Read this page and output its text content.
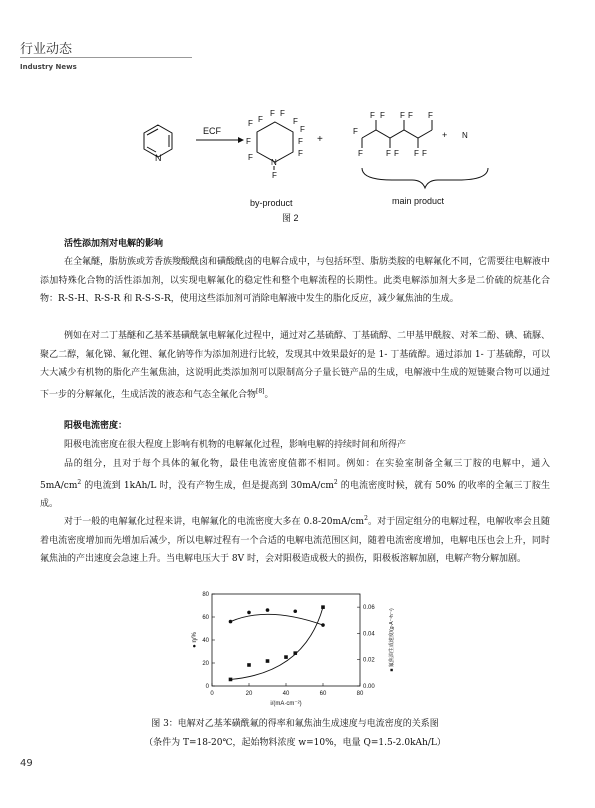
行业动态
Industry News
N
ECF
F F
F F	F
F
F
F
F
F
F
N
+
F
F
F F
F F
F F
F F
F
N
+
by-product	main product
图 2
活性添加剂对电解的影响
在全氟醚，脂肪族或芳香族羧酸酰卤和磺酸酰卤的电解合成中，与包括环型、脂肪类胺的电解氟化不同，它需要往电解液中添加特殊化合物的活性添加剂，以实现电解氟化的稳定性和整个电解流程的长期性。此类电解添加剂大多是二价硫的烷基化合物：R-S-H、R-S-R 和 R-S-S-R，使用这些添加剂可消除电解液中发生的脂化反应，减少氟焦油的生成。
例如在对二丁基醚和乙基苯基磺酰氯电解氟化过程中，通过对乙基硫醇、丁基硫醇、二甲基甲酰胺、对苯二酚、碘、硫脲、聚乙二醇，氟化锑、氟化锂、氟化钠等作为添加剂进行比较，发现其中效果最好的是 1- 丁基硫醇。通过添加 1- 丁基硫醇，可以大大减少有机物的脂化产生氟焦油，这说明此类添加剂可以限制高分子量长链产品的生成，电解液中生成的短链聚合物可以通过下一步的分解氟化，生成活泼的液态和气态全氟化合物[8]。
阳极电流密度：
阳极电流密度在很大程度上影响有机物的电解氟化过程，影响电解的持续时间和所得产
品的组分，且对于每个具体的氟化物，最佳电流密度值都不相同。例如：在实验室制备全氟三丁胺的电解中，通入 $5mA/cm^2$ 的电流到 1kAh/L 时，没有产物生成，但是提高到 $30mA/cm^2$ 的电流密度时候，就有 50% 的收率的全氟三丁胺生成。
对于一般的电解氟化过程来讲，电解氟化的电流密度大多在 $0.8-20mA/cm^2$。对于固定组分的电解过程，电解收率会且随着电流密度增加而先增加后减少，所以电解过程有一个合适的电解电流范围区间，随着电流密度增加，电解电压也会上升，同时氟焦油的产出速度会急速上升。当电解电压大于 8V 时，会对阳极造成极大的损伤，阳极板溶解加剧，电解产物分解加剧。
0	20	40	60	80
0
20
40
60
80
0.00
0.02
0.04
0.06
i/(mA·cm⁻²)
● η/%	■ 氟焦油生成速度/(g·A⁻¹h⁻¹)
图 3：电解对乙基苯磺酰氟的得率和氟焦油生成速度与电流密度的关系图
（条件为 T=18-20℃，起始物料浓度 w=10%，电量 Q=1.5-2.0kAh/L）
49
